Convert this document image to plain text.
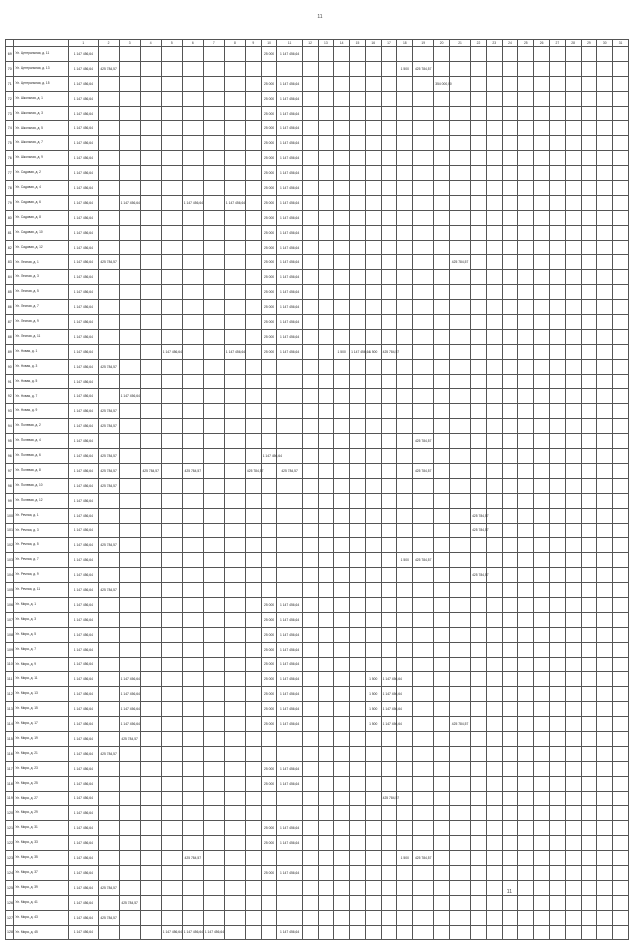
11
		1	2	3	4	5	6	7	8	9	10	11	12	13	14	15	16	17	18	19	20	21	22	23	24	25	26	27	28	29	30	31
69	Ул. Центральная, д. 11	1 147 456,64									25 000	1 147 456,64																				
70	Ул. Центральная, д. 13	1 147 456,64	425 784,57																1 500	425 784,57												
71	Ул. Центральная, д. 15	1 147 456,64									25 000	1 147 456,64									354 000,00											
72	Ул. Школьная, д. 1	1 147 456,64									25 000	1 147 456,64																				
73	Ул. Школьная, д. 3	1 147 456,64									25 000	1 147 456,64																				
74	Ул. Школьная, д. 5	1 147 456,64									25 000	1 147 456,64																				
75	Ул. Школьная, д. 7	1 147 456,64									25 000	1 147 456,64																				
76	Ул. Школьная, д. 9	1 147 456,64									25 000	1 147 456,64																				
77	Ул. Садовая, д. 2	1 147 456,64									25 000	1 147 456,64																				
78	Ул. Садовая, д. 4	1 147 456,64									25 000	1 147 456,64																				
79	Ул. Садовая, д. 6	1 147 456,64		1 147 456,64			1 147 456,64		1 147 456,64		25 000	1 147 456,64																				
80	Ул. Садовая, д. 8	1 147 456,64									25 000	1 147 456,64																				
81	Ул. Садовая, д. 10	1 147 456,64									25 000	1 147 456,64																				
82	Ул. Садовая, д. 12	1 147 456,64									25 000	1 147 456,64																				
83	Ул. Лесная, д. 1	1 147 456,64	425 784,57								25 000	1 147 456,64										425 784,57										
84	Ул. Лесная, д. 3	1 147 456,64									25 000	1 147 456,64																				
85	Ул. Лесная, д. 5	1 147 456,64									25 000	1 147 456,64																				
86	Ул. Лесная, д. 7	1 147 456,64									25 000	1 147 456,64																				
87	Ул. Лесная, д. 9	1 147 456,64									25 000	1 147 456,64																				
88	Ул. Лесная, д. 11	1 147 456,64									25 000	1 147 456,64																				
89	Ул. Новая, д. 1	1 147 456,64				1 147 456,64			1 147 456,64		25 000	1 147 456,64			1 500	1 147 456,64	1 500	425 784,57														
90	Ул. Новая, д. 3	1 147 456,64	425 784,57																													
91	Ул. Новая, д. 5	1 147 456,64																														
92	Ул. Новая, д. 7	1 147 456,64		1 147 456,64																												
93	Ул. Новая, д. 9	1 147 456,64	425 784,57																													
94	Ул. Полевая, д. 2	1 147 456,64	425 784,57																													
95	Ул. Полевая, д. 4	1 147 456,64																		425 784,57												
96	Ул. Полевая, д. 6	1 147 456,64	425 784,57								1 147 456,64																					
97	Ул. Полевая, д. 8	1 147 456,64	425 784,57		425 784,57		425 784,57			425 784,57		425 784,57								425 784,57												
98	Ул. Полевая, д. 10	1 147 456,64	425 784,57																													
99	Ул. Полевая, д. 12	1 147 456,64																														
100	Ул. Речная, д. 1	1 147 456,64																					425 784,57									
101	Ул. Речная, д. 3	1 147 456,64																					425 784,57									
102	Ул. Речная, д. 5	1 147 456,64	425 784,57																													
103	Ул. Речная, д. 7	1 147 456,64																	1 500	425 784,57												
104	Ул. Речная, д. 9	1 147 456,64																					425 784,57									
105	Ул. Речная, д. 11	1 147 456,64	425 784,57																													
106	Ул. Мира, д. 1	1 147 456,64									25 000	1 147 456,64																				
107	Ул. Мира, д. 3	1 147 456,64									25 000	1 147 456,64																				
108	Ул. Мира, д. 5	1 147 456,64									25 000	1 147 456,64																				
109	Ул. Мира, д. 7	1 147 456,64									25 000	1 147 456,64																				
110	Ул. Мира, д. 9	1 147 456,64									25 000	1 147 456,64																				
111	Ул. Мира, д. 11	1 147 456,64		1 147 456,64							25 000	1 147 456,64					1 500	1 147 456,64														
112	Ул. Мира, д. 13	1 147 456,64		1 147 456,64							25 000	1 147 456,64					1 500	1 147 456,64														
113	Ул. Мира, д. 15	1 147 456,64		1 147 456,64							25 000	1 147 456,64					1 500	1 147 456,64														
114	Ул. Мира, д. 17	1 147 456,64		1 147 456,64							25 000	1 147 456,64					1 500	1 147 456,64				425 784,57										
115	Ул. Мира, д. 19	1 147 456,64		425 784,57																												
116	Ул. Мира, д. 21	1 147 456,64	425 784,57																													
117	Ул. Мира, д. 23	1 147 456,64									25 000	1 147 456,64																				
118	Ул. Мира, д. 25	1 147 456,64									25 000	1 147 456,64																				
119	Ул. Мира, д. 27	1 147 456,64																425 784,57														
120	Ул. Мира, д. 29	1 147 456,64																														
121	Ул. Мира, д. 31	1 147 456,64									25 000	1 147 456,64																				
122	Ул. Мира, д. 33	1 147 456,64									25 000	1 147 456,64																				
123	Ул. Мира, д. 35	1 147 456,64					425 784,57												1 500	425 784,57												
124	Ул. Мира, д. 37	1 147 456,64									25 000	1 147 456,64																				
125	Ул. Мира, д. 39	1 147 456,64	425 784,57																													
126	Ул. Мира, д. 41	1 147 456,64		425 784,57																												
127	Ул. Мира, д. 43	1 147 456,64	425 784,57																													
128	Ул. Мира, д. 45	1 147 456,64				1 147 456,64	1 147 456,64	1 147 456,64				1 147 456,64																				
11
